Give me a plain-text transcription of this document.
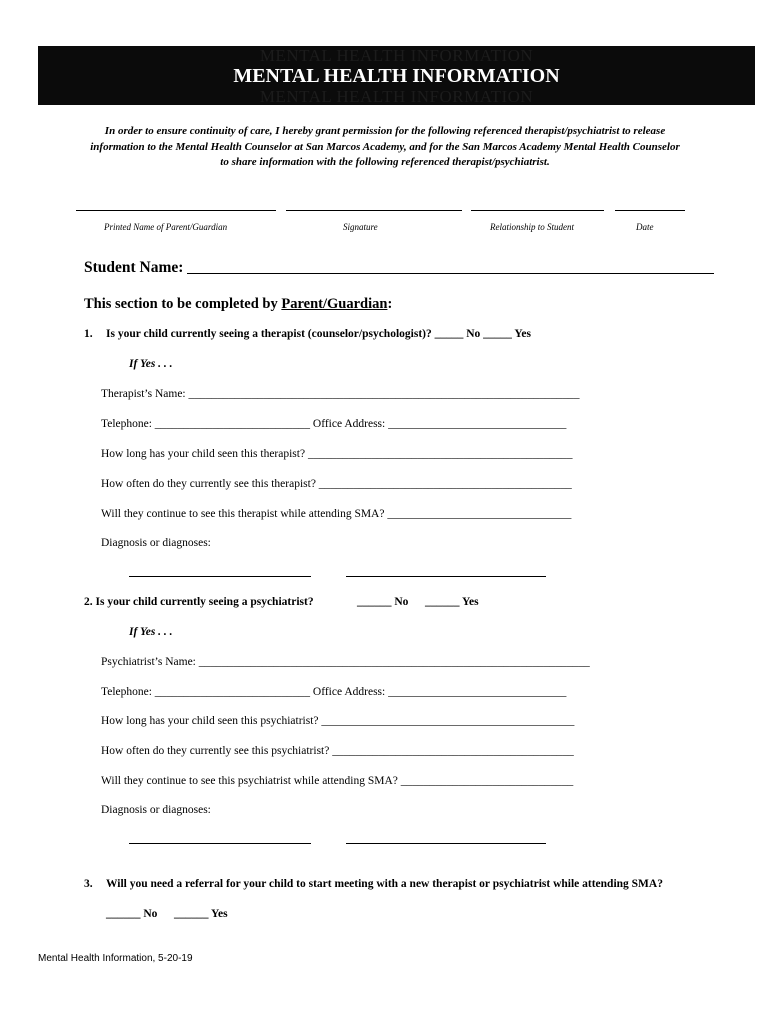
MENTAL HEALTH INFORMATION
MENTAL HEALTH INFORMATION
MENTAL HEALTH INFORMATION
In order to ensure continuity of care, I hereby grant permission for the following referenced therapist/psychiatrist to release
information to the Mental Health Counselor at San Marcos Academy, and for the San Marcos Academy Mental Health Counselor
to share information with the following referenced therapist/psychiatrist.
Printed Name of Parent/Guardian	Signature	Relationship to Student	Date
Student Name:
This section to be completed by Parent/Guardian:
1. Is your child currently seeing a therapist (counselor/psychologist)? _____ No _____ Yes
If Yes . . .
Therapist’s Name: ____________________________________________________________________
Telephone: ___________________________ Office Address: _______________________________
How long has your child seen this therapist? ______________________________________________
How often do they currently see this therapist? ____________________________________________
Will they continue to see this therapist while attending SMA? ________________________________
Diagnosis or diagnoses:
2. Is your child currently seeing a psychiatrist?	______ No ______ Yes
If Yes . . .
Psychiatrist’s Name: ____________________________________________________________________
Telephone: ___________________________ Office Address: _______________________________
How long has your child seen this psychiatrist? ____________________________________________
How often do they currently see this psychiatrist? __________________________________________
Will they continue to see this psychiatrist while attending SMA? ______________________________
Diagnosis or diagnoses:
3. Will you need a referral for your child to start meeting with a new therapist or psychiatrist while attending SMA?
______ No ______ Yes
Mental Health Information, 5-20-19
